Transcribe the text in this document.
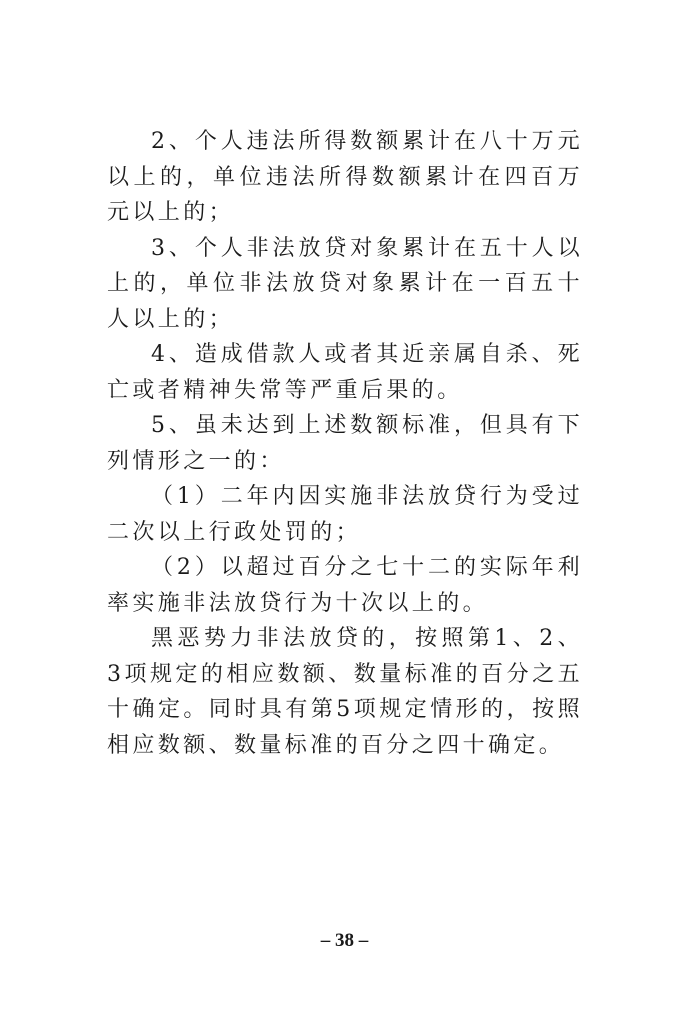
2、个人违法所得数额累计在八十万元以上的，单位违法所得数额累计在四百万元以上的；

3、个人非法放贷对象累计在五十人以上的，单位非法放贷对象累计在一百五十人以上的；

4、造成借款人或者其近亲属自杀、死亡或者精神失常等严重后果的。

5、虽未达到上述数额标准，但具有下列情形之一的：

（1）二年内因实施非法放贷行为受过二次以上行政处罚的；

（2）以超过百分之七十二的实际年利率实施非法放贷行为十次以上的。

黑恶势力非法放贷的，按照第1、2、3项规定的相应数额、数量标准的百分之五十确定。同时具有第5项规定情形的，按照相应数额、数量标准的百分之四十确定。

– 38 –
